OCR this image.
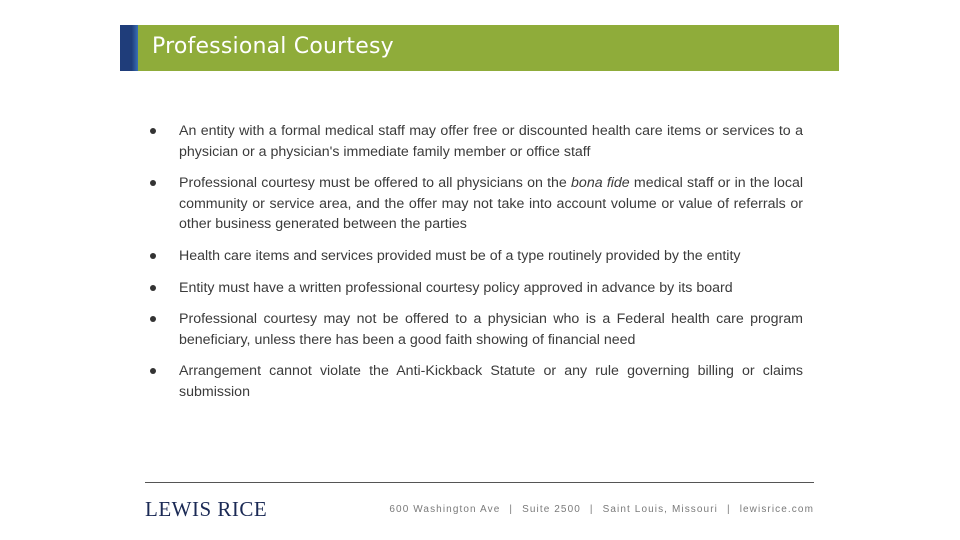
Professional Courtesy
An entity with a formal medical staff may offer free or discounted health care items or services to a physician or a physician's immediate family member or office staff
Professional courtesy must be offered to all physicians on the bona fide medical staff or in the local community or service area, and the offer may not take into account volume or value of referrals or other business generated between the parties
Health care items and services provided must be of a type routinely provided by the entity
Entity must have a written professional courtesy policy approved in advance by its board
Professional courtesy may not be offered to a physician who is a Federal health care program beneficiary, unless there has been a good faith showing of financial need
Arrangement cannot violate the Anti-Kickback Statute or any rule governing billing or claims submission
LEWIS RICE	600 Washington Ave | Suite 2500 | Saint Louis, Missouri | lewisrice.com
